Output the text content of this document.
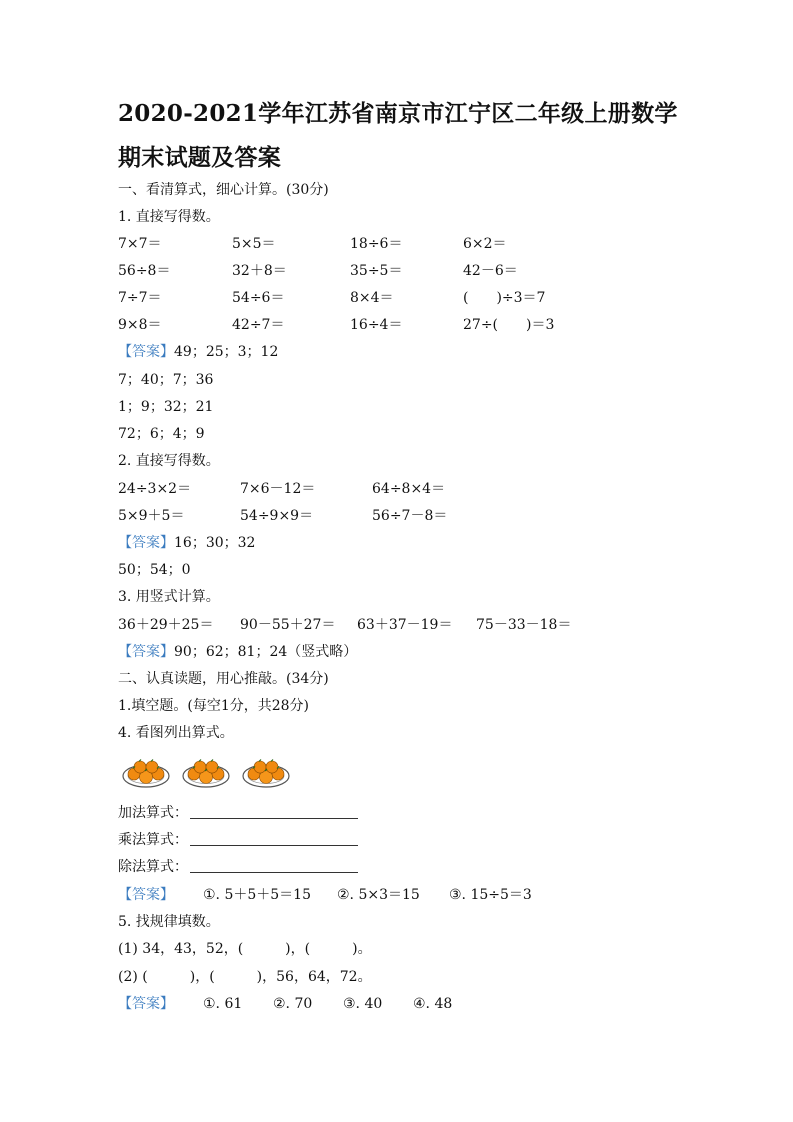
2020-2021学年江苏省南京市江宁区二年级上册数学期末试题及答案
一、看清算式，细心计算。(30分)
1. 直接写得数。
7×7＝	5×5＝	18÷6＝	6×2＝
56÷8＝	32＋8＝	35÷5＝	42－6＝
7÷7＝	54÷6＝	8×4＝	(　　)÷3＝7
9×8＝	42÷7＝	16÷4＝	27÷(　　)＝3
【答案】49；25；3；12
7；40；7；36
1；9；32；21
72；6；4；9
2. 直接写得数。
24÷3×2＝	7×6－12＝	64÷8×4＝
5×9＋5＝	54÷9×9＝	56÷7－8＝
【答案】16；30；32
50；54；0
3. 用竖式计算。
36＋29＋25＝ 90－55＋27＝ 63＋37－19＝ 75－33－18＝
【答案】90；62；81；24（竖式略）
二、认真读题，用心推敲。(34分)
1.填空题。(每空1分，共28分)
4. 看图列出算式。
加法算式：
乘法算式：
除法算式：
【答案】 ①. 5＋5＋5＝15 ②. 5×3＝15 ③. 15÷5＝3
5. 找规律填数。
(1) 34，43，52，(　　　)，(　　　)。
(2) (　　　)，(　　　)，56，64，72。
【答案】 ①. 61 ②. 70 ③. 40 ④. 48
